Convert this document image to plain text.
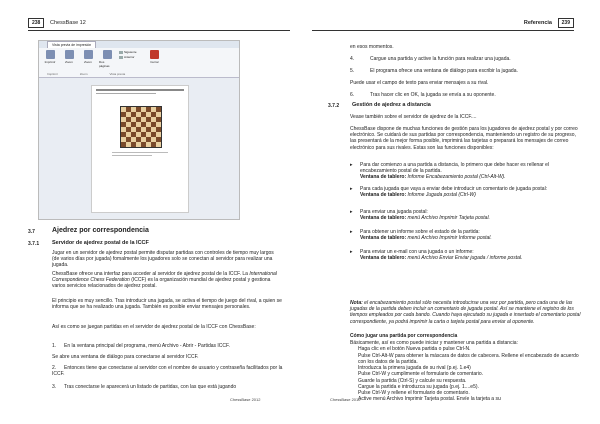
238	ChessBase 12
Vista previa de impresión
Imprimir	Zoom	Zoom Dos páginas
Siguiente
Anterior
Cerrar
Imprimir	Zoom	Vista previa
3.7 Ajedrez por correspondencia
3.7.1 Servidor de ajedrez postal de la ICCF
Jugar en un servidor de ajedrez postal permite disputar partidas con controles de tiempo muy largos (de varios días por jugada) fomalmente los jugadores solo se conectan al servidor para realizar una jugada.
ChessBase ofrece una interfaz para acceder al servidor de ajedrez postal de la ICCF. La International Correspondence Chess Federation (ICCF) es la organización mundial de ajedrez postal y gestiona varios servicios relacionados de ajedrez postal.
El principio es muy sencillo. Tras introducir una jugada, se activa el tiempo de juego del rival, a quien se informa que se ha realizado una jugada. También es posible enviar mensajes personales.
Así es como se juegan partidas en el servidor de ajedrez postal de la ICCF con ChessBase:
1. En la ventana principal del programa, menú Archivo - Abrir - Partidas ICCF.
Se abre una ventana de diálogo para conectarse al servidor ICCF.
2.	Entonces tiene que conectarse al servidor con el nombre de usuario y contraseña facilitados por la ICCF.
3. Tras conectarse le aparecerá un listado de partidas, con las que está jugando
ChessBase 2012
Referencia	239
en esos momentos.
4.	Cargue una partida y active la función para realizar una jugada.
5.	El programa ofrece una ventana de diálogo para escribir la jugada.
Puede usar el campo de texto para enviar mensajes a su rival.
6.	Tras hacer clic en OK, la jugada se envía a su oponente.
3.7.2 Gestión de ajedrez a distancia
Vease también sobre el servidor de ajedrez de la ICCF....
ChessBase dispone de muchas funciones de gestión para los jugadores de ajedrez postal y por correo electrónico. Se cuidará de sus partidas por correspondencia, manteniendo un registro de su progreso, las presentará de la mejor forma posible, imprimirá las tarjetas o preparará los mensajes de correo electrónico para sus rivales. Estas son las funciones disponibles:
▸ Para dar comienzo a una partida a distancia, lo primero que debe hacer es rellenar el encabezamiento postal de la partida.
Ventana de tablero: Informe Encabezamiento postal (Ctrl-Alt-W).
▸ Para cada jugada que vaya a enviar debe introducir un comentario de jugada postal:
Ventana de tablero: Informe Jugada postal (Ctrl-W)
▸ Para enviar una jugada postal:
Ventana de tablero: menú Archivo Imprimir Tarjeta postal.
▸ Para obtener un informe sobre el estado de la partida:
Ventana de tablero: menú Archivo Imprimir Informe postal.
▸ Para enviar un e-mail con una jugada o un informe:
Ventana de tablero: menú Archivo Enviar Enviar jugada / informe postal.
Nota: el encabezamiento postal sólo necesita introducirse una vez por partida, pero cada una de las jugadas de la partida deben incluir un comentario de jugada postal. Así se mantiene el registro de los tiempos empleados por cada bando. Cuando haya ejecutado su jugada e insertado el comentario postal correspondiente, ya podrá imprimir la carta o tarjeta postal para enviar al oponente.
Cómo jugar una partida por correspondencia
Básicamente, así es como puede iniciar y mantener una partida a distancia:
Haga clic en el botón Nueva partida o pulse Ctrl-N.
Pulse Ctrl-Alt-W para obtener la máscara de datos de cabecera. Rellene el encabezado de acuerdo con los datos de la partida.
Introduzca la primera jugada de su rival (p.ej. 1.e4)
Pulse Ctrl-W y cumplimente el formulario de comentario.
Guarde la partida (Ctrl-S) y calcule su respuesta.
Cargue la partida e introduzca su jugada (p.ej. 1....e5).
Pulse Ctrl-W y rellene el formulario de comentario.
Active menú Archivo Imprimir Tarjeta postal. Envíe la tarjeta a su
ChessBase 2012
